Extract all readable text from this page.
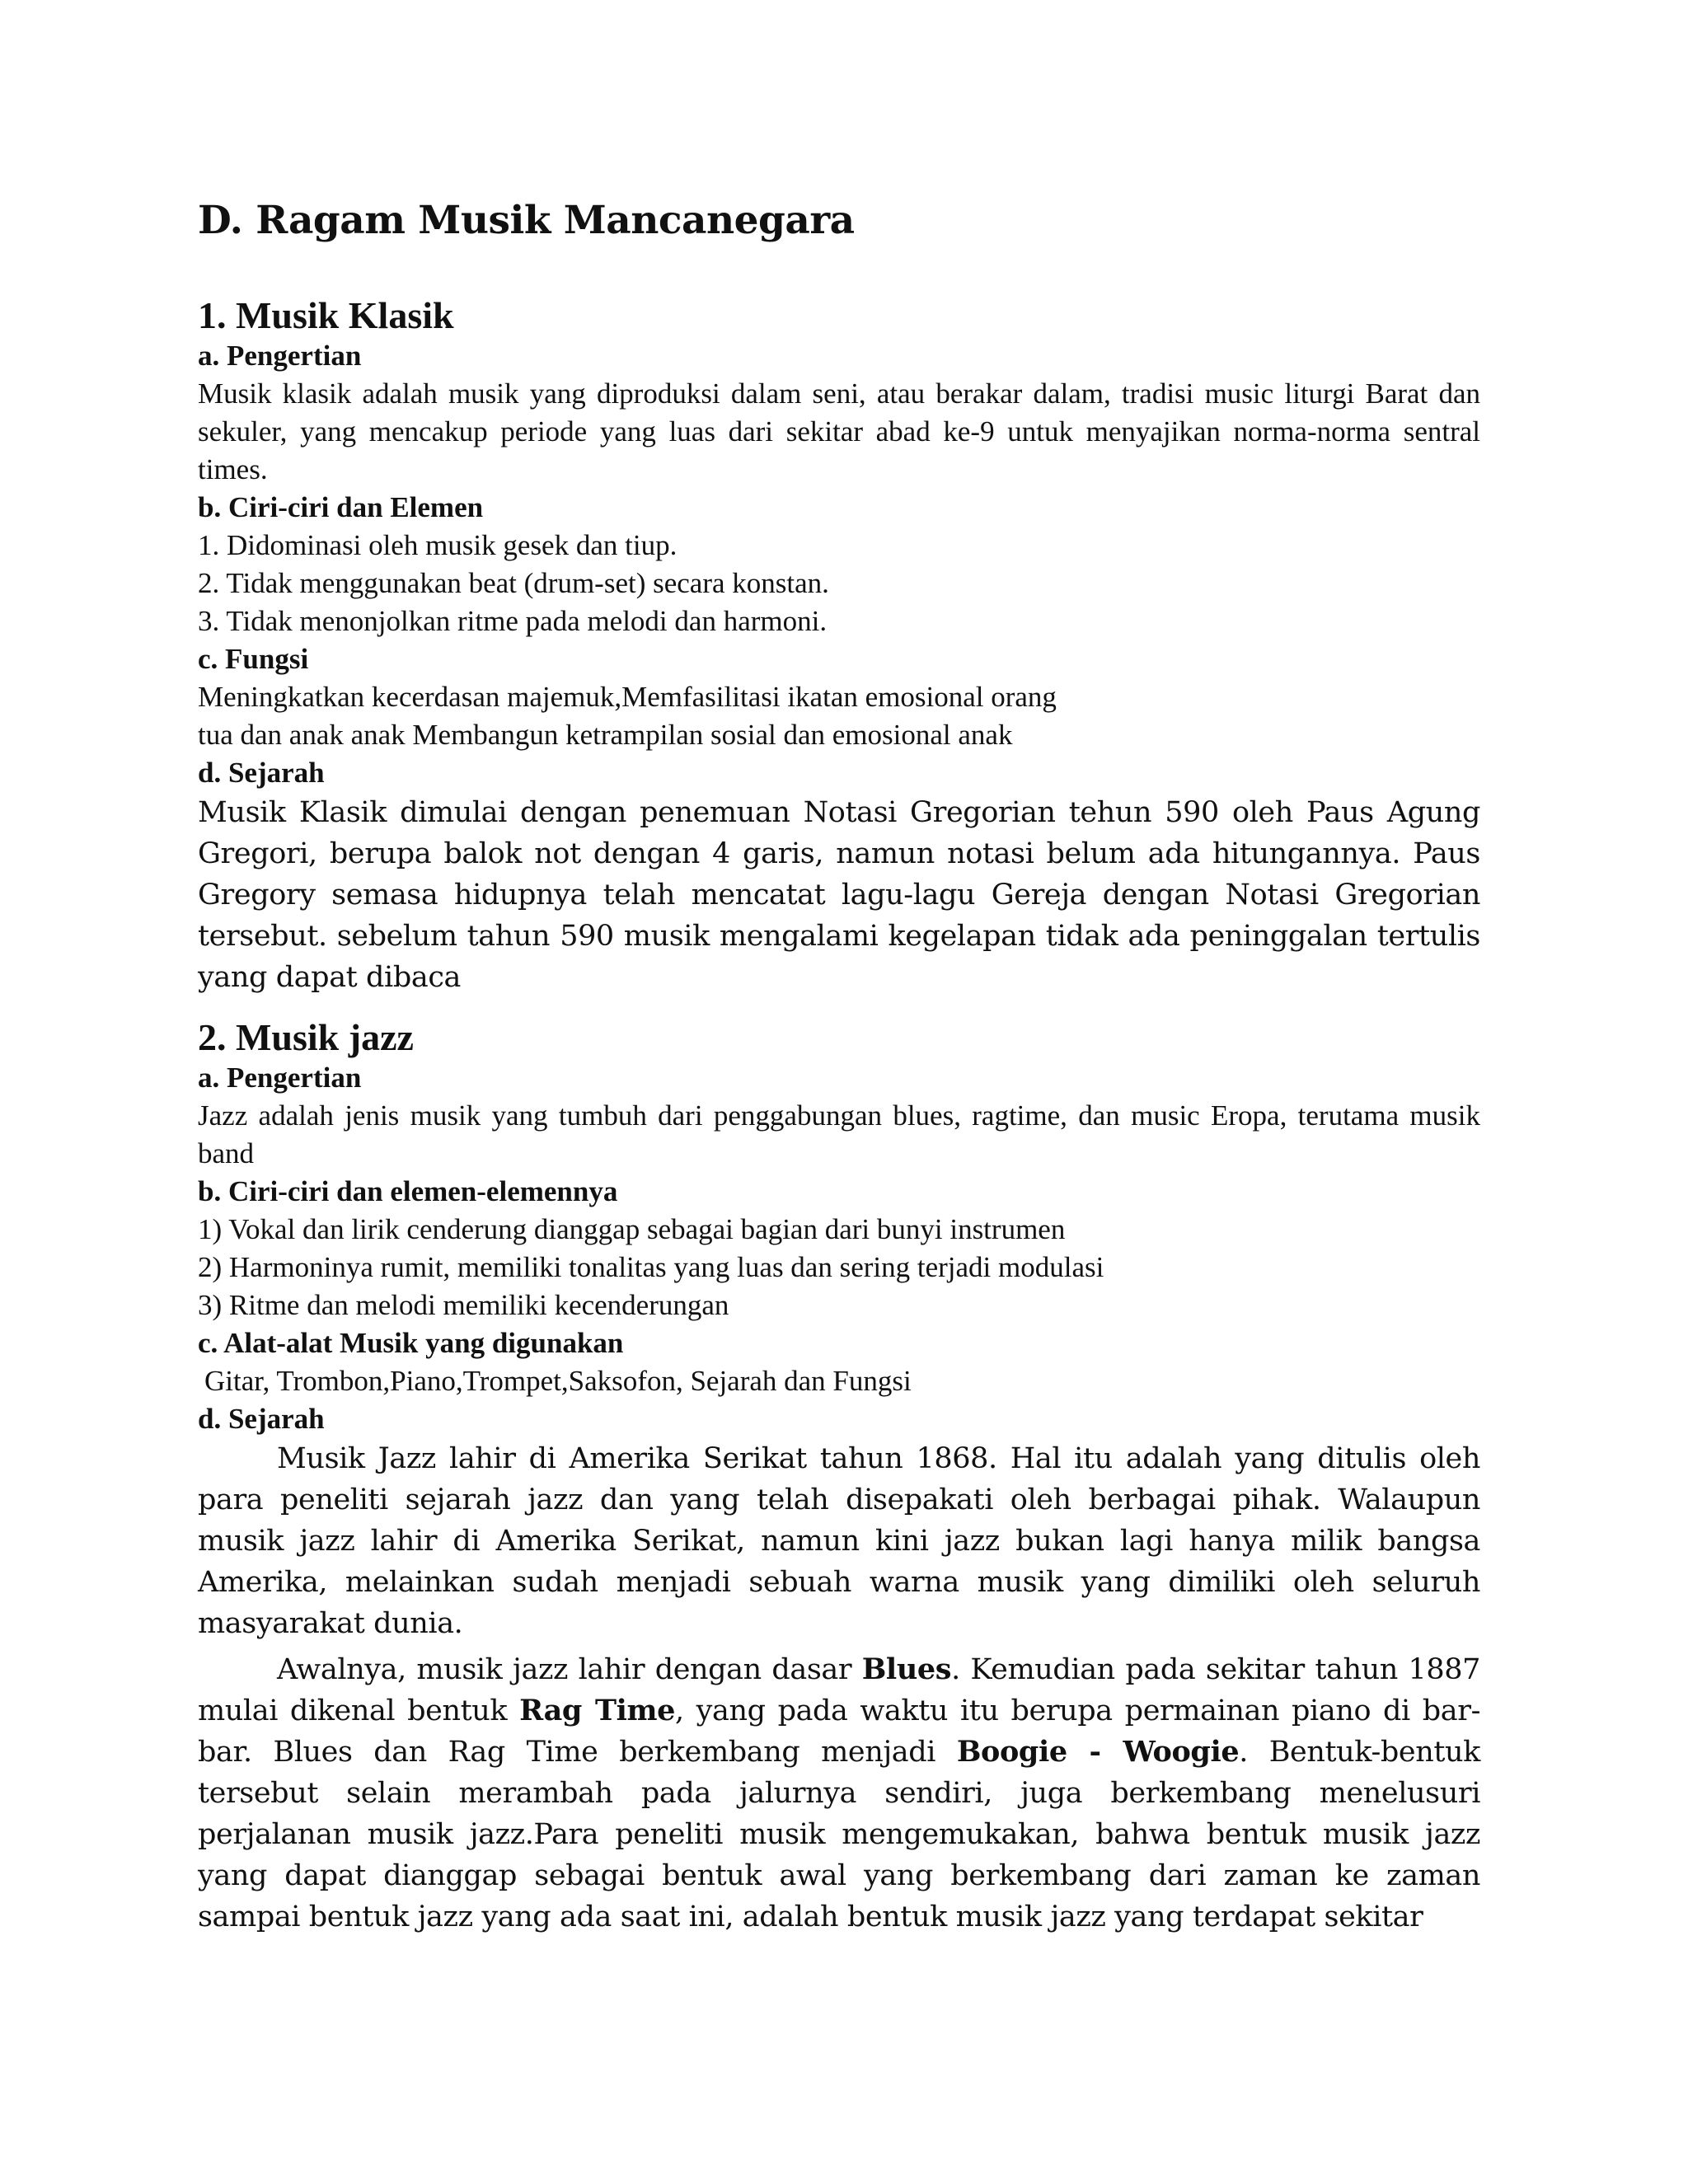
D. Ragam Musik Mancanegara
1. Musik Klasik
a. Pengertian

Musik klasik adalah musik yang diproduksi dalam seni, atau berakar dalam, tradisi music liturgi Barat dan sekuler, yang mencakup periode yang luas dari sekitar abad ke-9 untuk menyajikan norma-norma sentral times.

b. Ciri-ciri dan Elemen

1. Didominasi oleh musik gesek dan tiup.

2. Tidak menggunakan beat (drum-set) secara konstan.

3. Tidak menonjolkan ritme pada melodi dan harmoni.

c. Fungsi

Meningkatkan kecerdasan majemuk,Memfasilitasi ikatan emosional orang

tua dan anak anak Membangun ketrampilan sosial dan emosional anak

d. Sejarah

Musik Klasik dimulai dengan penemuan Notasi Gregorian tehun 590 oleh Paus Agung Gregori, berupa balok not dengan 4 garis, namun notasi belum ada hitungannya. Paus Gregory semasa hidupnya telah mencatat lagu-lagu Gereja dengan Notasi Gregorian tersebut. sebelum tahun 590 musik mengalami kegelapan tidak ada peninggalan tertulis yang dapat dibaca

2. Musik jazz
a. Pengertian

Jazz adalah jenis musik yang tumbuh dari penggabungan blues, ragtime, dan music Eropa, terutama musik band

b. Ciri-ciri dan elemen-elemennya

1) Vokal dan lirik cenderung dianggap sebagai bagian dari bunyi instrumen

2) Harmoninya rumit, memiliki tonalitas yang luas dan sering terjadi modulasi

3) Ritme dan melodi memiliki kecenderungan

c. Alat-alat Musik yang digunakan

Gitar, Trombon,Piano,Trompet,Saksofon, Sejarah dan Fungsi

d. Sejarah

Musik Jazz lahir di Amerika Serikat tahun 1868. Hal itu adalah yang ditulis oleh para peneliti sejarah jazz dan yang telah disepakati oleh berbagai pihak. Walaupun musik jazz lahir di Amerika Serikat, namun kini jazz bukan lagi hanya milik bangsa Amerika, melainkan sudah menjadi sebuah warna musik yang dimiliki oleh seluruh masyarakat dunia.

Awalnya, musik jazz lahir dengan dasar Blues. Kemudian pada sekitar tahun 1887 mulai dikenal bentuk Rag Time, yang pada waktu itu berupa permainan piano di bar-bar. Blues dan Rag Time berkembang menjadi Boogie - Woogie. Bentuk-bentuk tersebut selain merambah pada jalurnya sendiri, juga berkembang menelusuri perjalanan musik jazz.Para peneliti musik mengemukakan, bahwa bentuk musik jazz yang dapat dianggap sebagai bentuk awal yang berkembang dari zaman ke zaman sampai bentuk jazz yang ada saat ini, adalah bentuk musik jazz yang terdapat sekitar
